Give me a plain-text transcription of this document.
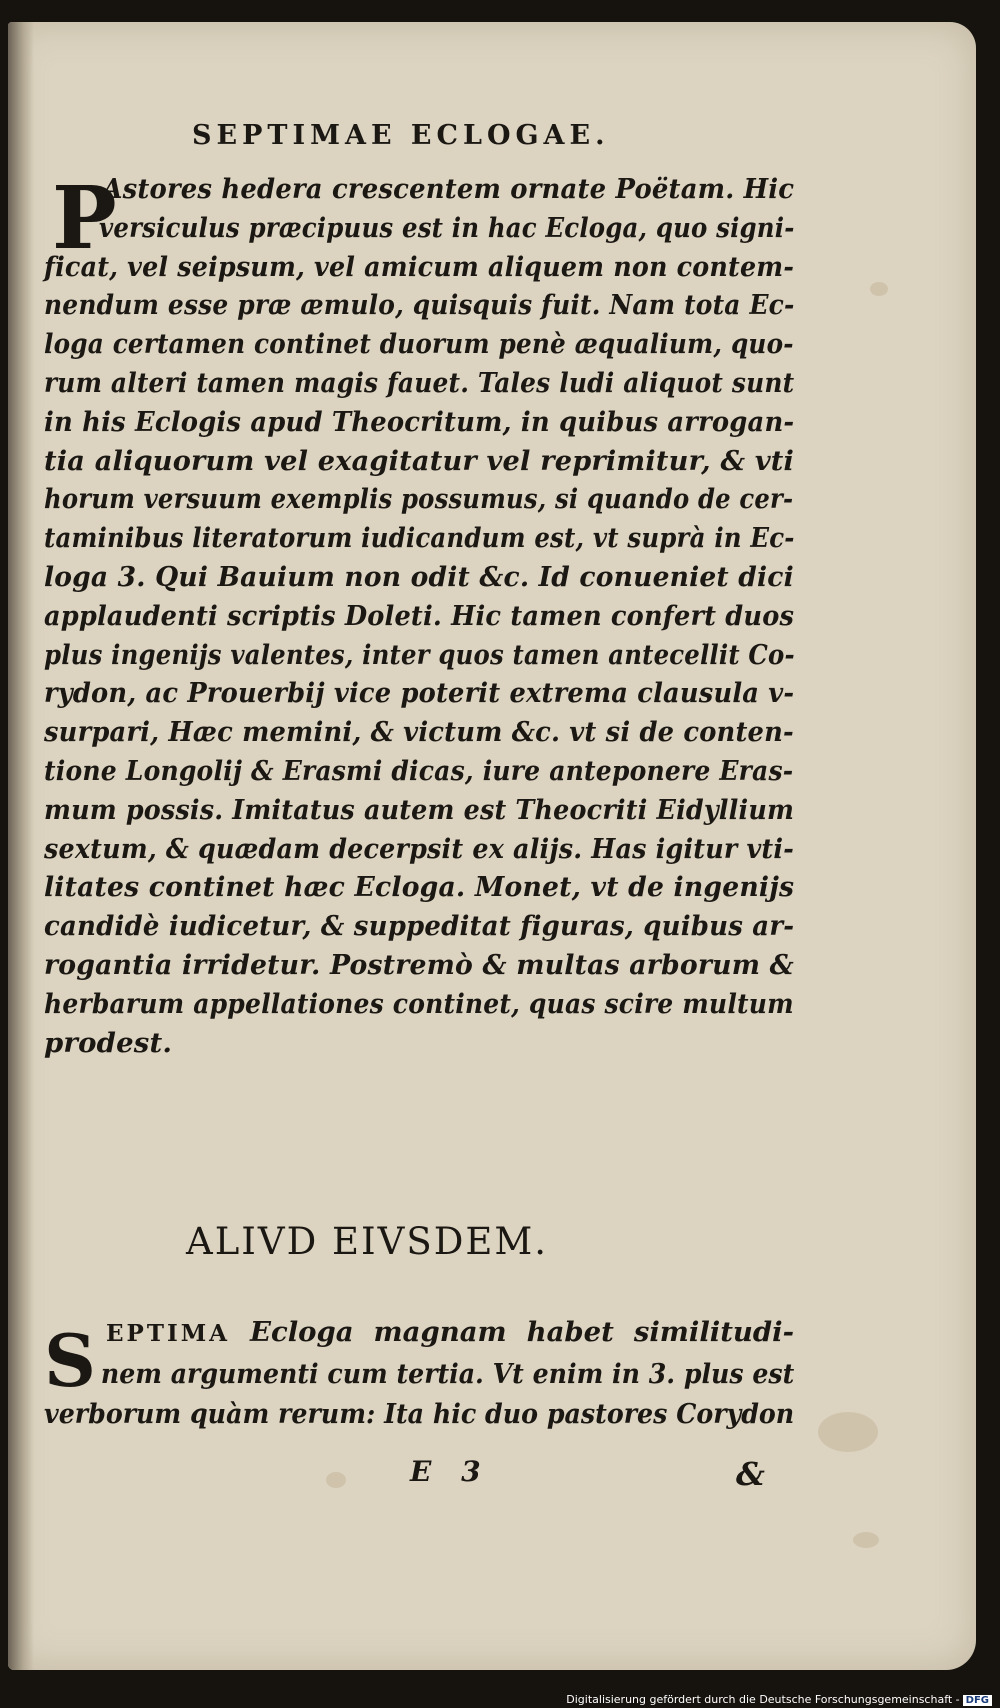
SEPTIMAE ECLOGAE.
P
Astores hedera crescentem ornate Poëtam. Hic
versiculus præcipuus est in hac Ecloga, quo signi-
ficat, vel seipsum, vel amicum aliquem non contem-
nendum esse præ æmulo, quisquis fuit. Nam tota Ec-
loga certamen continet duorum penè æqualium, quo-
rum alteri tamen magis fauet. Tales ludi aliquot sunt
in his Eclogis apud Theocritum, in quibus arrogan-
tia aliquorum vel exagitatur vel reprimitur, & vti
horum versuum exemplis possumus, si quando de cer-
taminibus literatorum iudicandum est, vt suprà in Ec-
loga 3. Qui Bauium non odit &c. Id conueniet dici
applaudenti scriptis Doleti. Hic tamen confert duos
plus ingenijs valentes, inter quos tamen antecellit Co-
rydon, ac Prouerbij vice poterit extrema clausula v-
surpari, Hæc memini, & victum &c. vt si de conten-
tione Longolij & Erasmi dicas, iure anteponere Eras-
mum possis. Imitatus autem est Theocriti Eidyllium
sextum, & quædam decerpsit ex alijs. Has igitur vti-
litates continet hæc Ecloga. Monet, vt de ingenijs
candidè iudicetur, & suppeditat figuras, quibus ar-
rogantia irridetur. Postremò & multas arborum &
herbarum appellationes continet, quas scire multum
prodest.
ALIVD EIVSDEM.
S EPTIMA Ecloga magnam habet similitudi-
nem argumenti cum tertia. Vt enim in 3. plus est
verborum quàm rerum: Ita hic duo pastores Corydon
E 3	&
Digitalisierung gefördert durch die Deutsche Forschungsgemeinschaft - DFG
